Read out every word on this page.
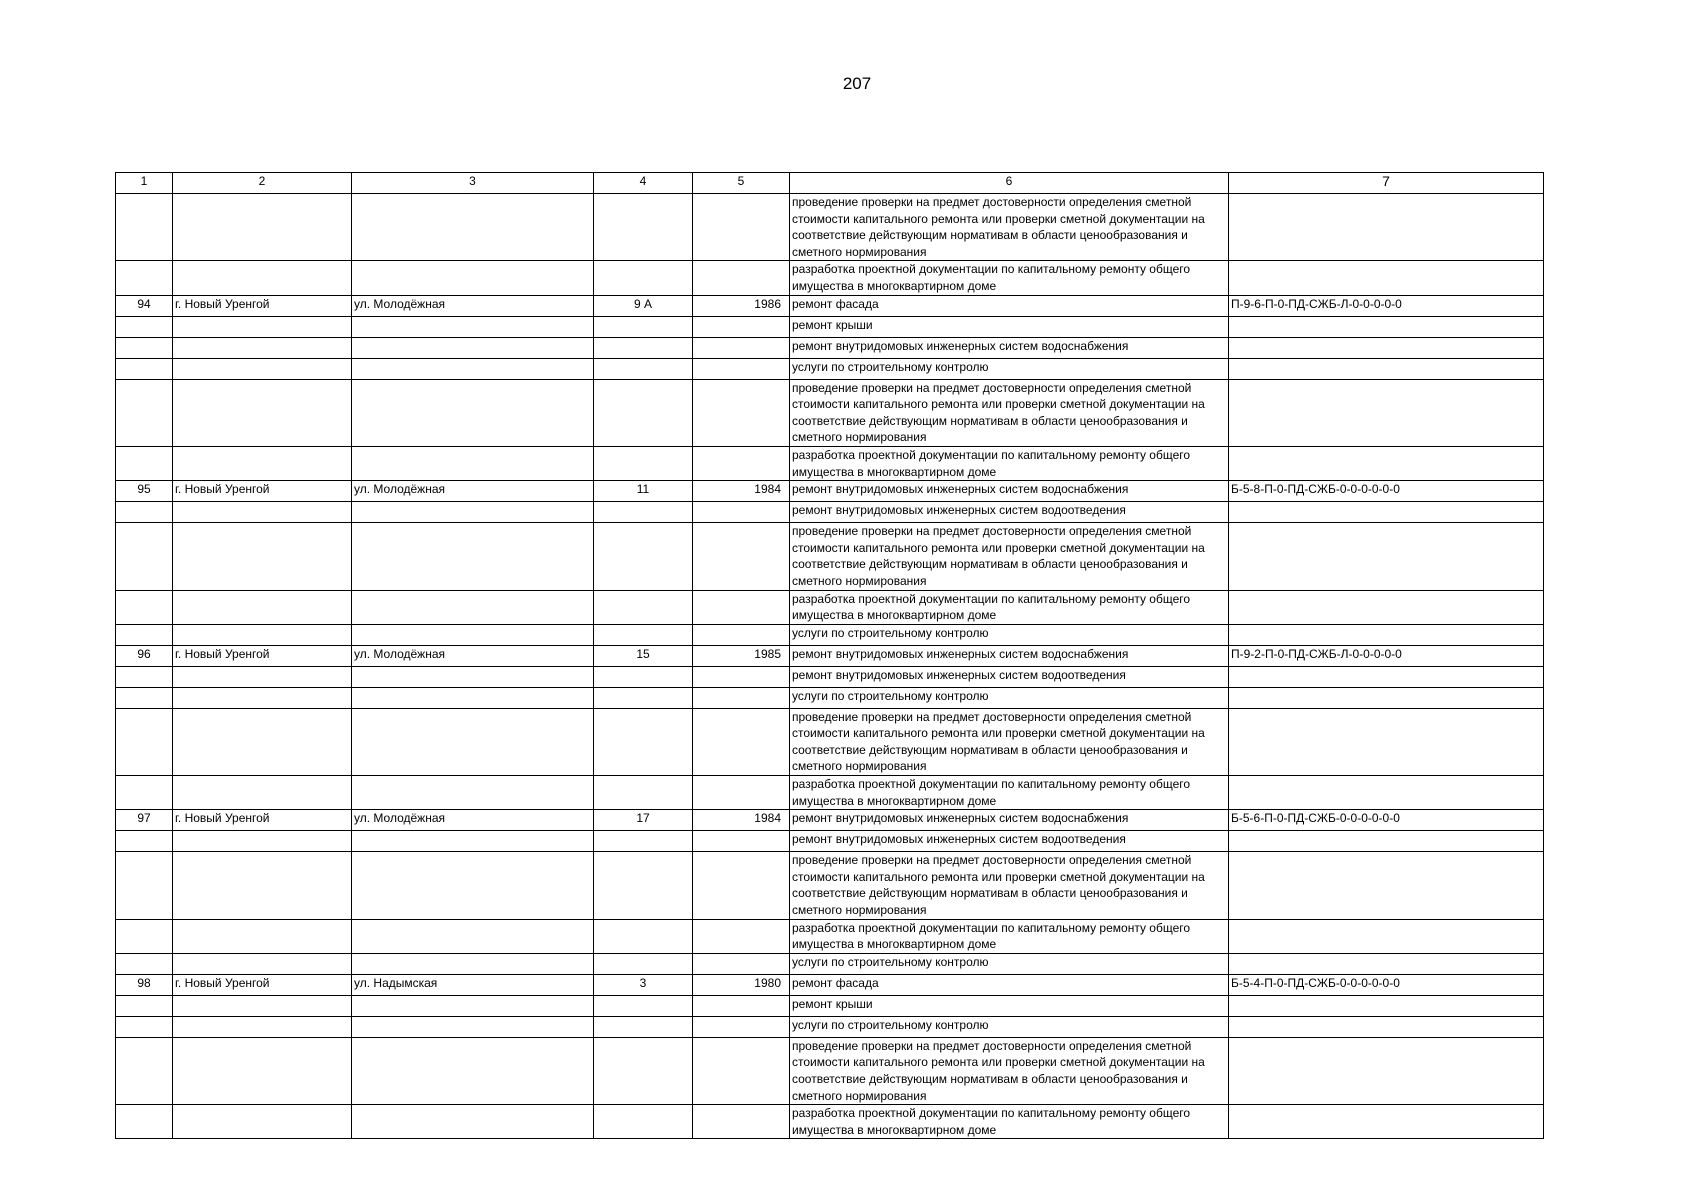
207
1	2	3	4	5	6	7
					проведение проверки на предмет достоверности определения сметной стоимости капитального ремонта или проверки сметной документации на соответствие действующим нормативам в области ценообразования и сметного нормирования	
					разработка проектной документации по капитальному ремонту общего имущества в многоквартирном доме	
94	г. Новый Уренгой	ул. Молодёжная	9 А	1986	ремонт фасада	П-9-6-П-0-ПД-СЖБ-Л-0-0-0-0-0
					ремонт крыши	
					ремонт внутридомовых инженерных систем водоснабжения	
					услуги по строительному контролю	
					проведение проверки на предмет достоверности определения сметной стоимости капитального ремонта или проверки сметной документации на соответствие действующим нормативам в области ценообразования и сметного нормирования	
					разработка проектной документации по капитальному ремонту общего имущества в многоквартирном доме	
95	г. Новый Уренгой	ул. Молодёжная	11	1984	ремонт внутридомовых инженерных систем водоснабжения	Б-5-8-П-0-ПД-СЖБ-0-0-0-0-0-0
					ремонт внутридомовых инженерных систем водоотведения	
					проведение проверки на предмет достоверности определения сметной стоимости капитального ремонта или проверки сметной документации на соответствие действующим нормативам в области ценообразования и сметного нормирования	
					разработка проектной документации по капитальному ремонту общего имущества в многоквартирном доме	
					услуги по строительному контролю	
96	г. Новый Уренгой	ул. Молодёжная	15	1985	ремонт внутридомовых инженерных систем водоснабжения	П-9-2-П-0-ПД-СЖБ-Л-0-0-0-0-0
					ремонт внутридомовых инженерных систем водоотведения	
					услуги по строительному контролю	
					проведение проверки на предмет достоверности определения сметной стоимости капитального ремонта или проверки сметной документации на соответствие действующим нормативам в области ценообразования и сметного нормирования	
					разработка проектной документации по капитальному ремонту общего имущества в многоквартирном доме	
97	г. Новый Уренгой	ул. Молодёжная	17	1984	ремонт внутридомовых инженерных систем водоснабжения	Б-5-6-П-0-ПД-СЖБ-0-0-0-0-0-0
					ремонт внутридомовых инженерных систем водоотведения	
					проведение проверки на предмет достоверности определения сметной стоимости капитального ремонта или проверки сметной документации на соответствие действующим нормативам в области ценообразования и сметного нормирования	
					разработка проектной документации по капитальному ремонту общего имущества в многоквартирном доме	
					услуги по строительному контролю	
98	г. Новый Уренгой	ул. Надымская	3	1980	ремонт фасада	Б-5-4-П-0-ПД-СЖБ-0-0-0-0-0-0
					ремонт крыши	
					услуги по строительному контролю	
					проведение проверки на предмет достоверности определения сметной стоимости капитального ремонта или проверки сметной документации на соответствие действующим нормативам в области ценообразования и сметного нормирования	
					разработка проектной документации по капитальному ремонту общего имущества в многоквартирном доме	
